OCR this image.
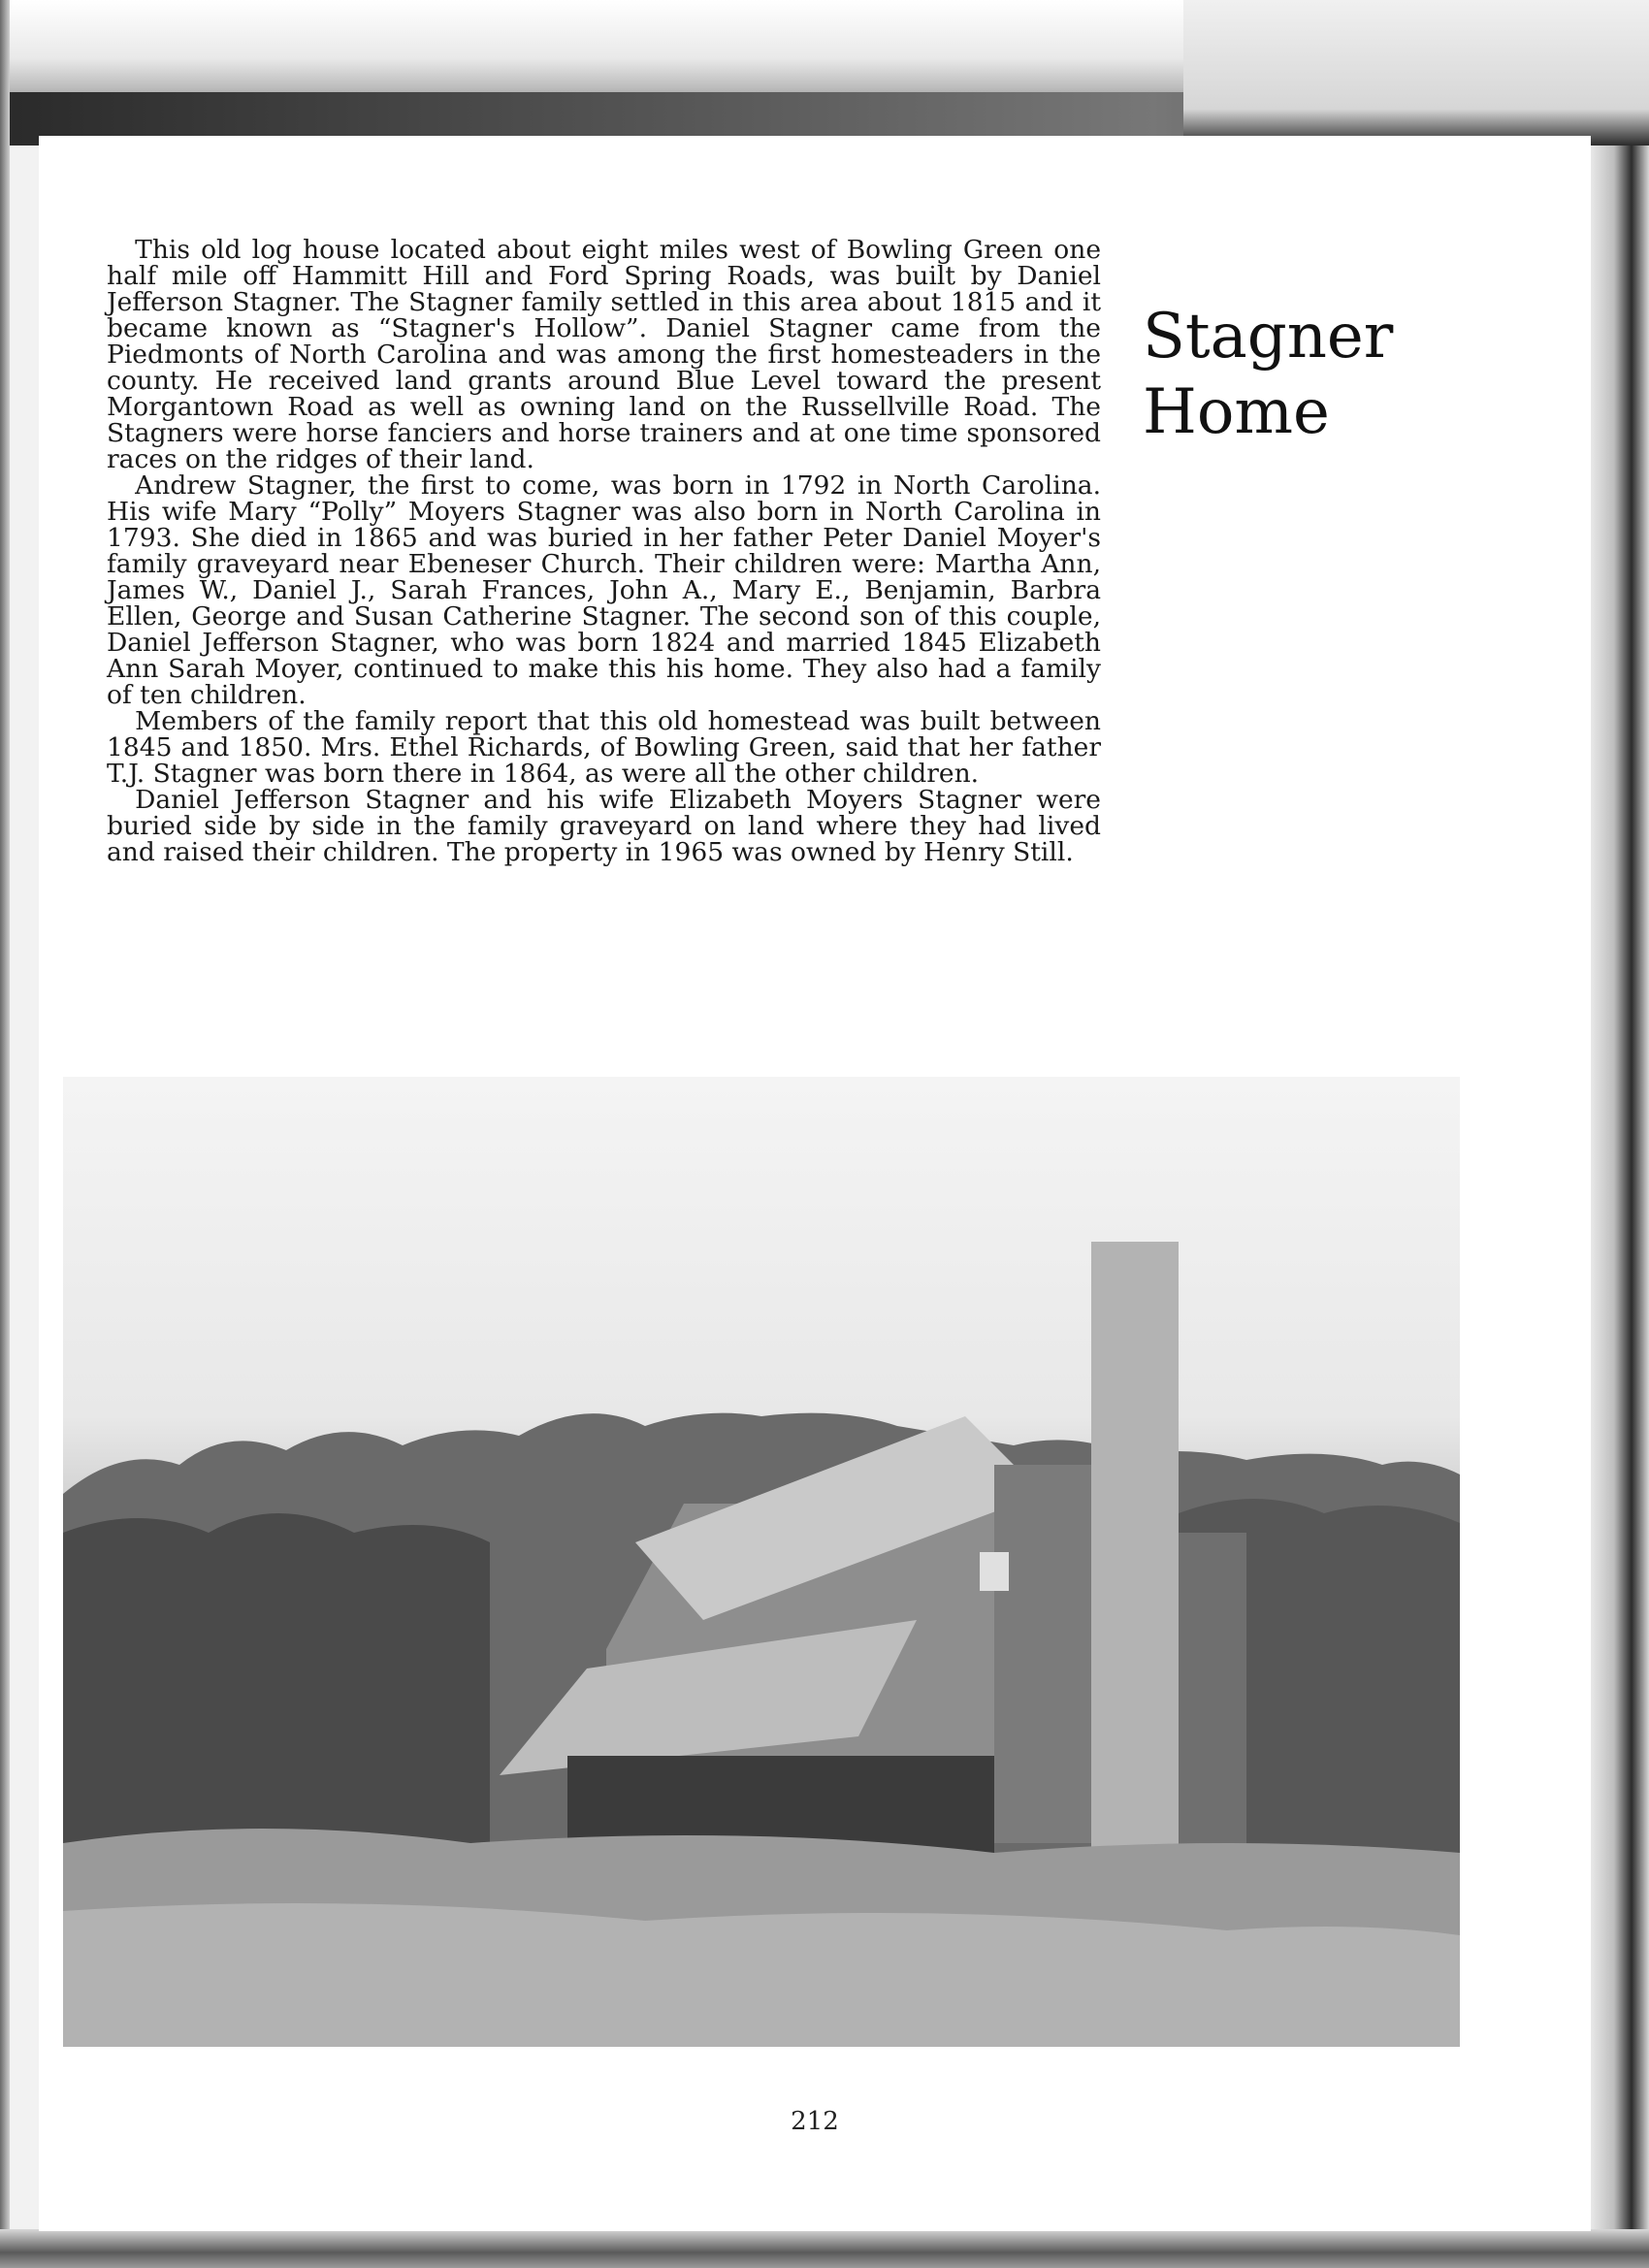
This old log house located about eight miles west of Bowling Green one half mile off Hammitt Hill and Ford Spring Roads, was built by Daniel Jefferson Stagner. The Stagner family settled in this area about 1815 and it became known as “Stagner's Hollow”. Daniel Stagner came from the Piedmonts of North Carolina and was among the first homesteaders in the county. He received land grants around Blue Level toward the present Morgantown Road as well as owning land on the Russellville Road. The Stagners were horse fanciers and horse trainers and at one time sponsored races on the ridges of their land.

Andrew Stagner, the first to come, was born in 1792 in North Carolina. His wife Mary “Polly” Moyers Stagner was also born in North Carolina in 1793. She died in 1865 and was buried in her father Peter Daniel Moyer's family graveyard near Ebeneser Church. Their children were: Martha Ann, James W., Daniel J., Sarah Frances, John A., Mary E., Benjamin, Barbra Ellen, George and Susan Catherine Stagner. The second son of this couple, Daniel Jefferson Stagner, who was born 1824 and married 1845 Elizabeth Ann Sarah Moyer, continued to make this his home. They also had a family of ten children.

Members of the family report that this old homestead was built between 1845 and 1850. Mrs. Ethel Richards, of Bowling Green, said that her father T.J. Stagner was born there in 1864, as were all the other children.

Daniel Jefferson Stagner and his wife Elizabeth Moyers Stagner were buried side by side in the family graveyard on land where they had lived and raised their children. The property in 1965 was owned by Henry Still.

Stagner
Home
212
